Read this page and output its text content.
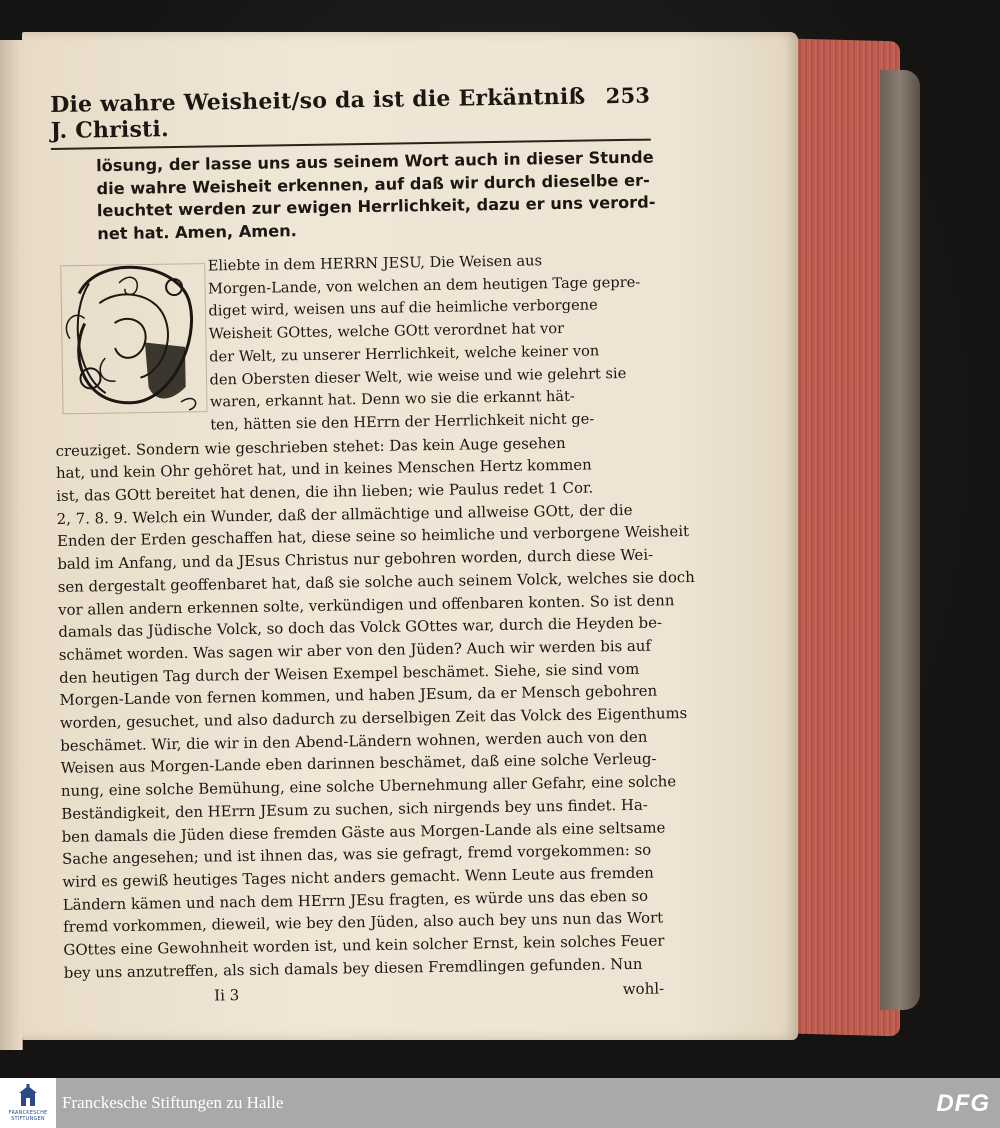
Die wahre Weisheit/so da ist die Erkäntniß J. Christi.
253
lösung, der lasse uns aus seinem Wort auch in dieser Stunde
die wahre Weisheit erkennen, auf daß wir durch dieselbe er-
leuchtet werden zur ewigen Herrlichkeit, dazu er uns verord-
net hat. Amen, Amen.
Eliebte in dem HERRN JESU, Die Weisen aus
Morgen-Lande, von welchen an dem heutigen Tage gepre-
diget wird, weisen uns auf die heimliche verborgene
Weisheit GOttes, welche GOtt verordnet hat vor
der Welt, zu unserer Herrlichkeit, welche keiner von
den Obersten dieser Welt, wie weise und wie gelehrt sie
waren, erkannt hat. Denn wo sie die erkannt hät-
ten, hätten sie den HErrn der Herrlichkeit nicht ge-
creuziget. Sondern wie geschrieben stehet: Das kein Auge gesehen
hat, und kein Ohr gehöret hat, und in keines Menschen Hertz kommen
ist, das GOtt bereitet hat denen, die ihn lieben; wie Paulus redet 1 Cor.
2, 7. 8. 9. Welch ein Wunder, daß der allmächtige und allweise GOtt, der die
Enden der Erden geschaffen hat, diese seine so heimliche und verborgene Weisheit
bald im Anfang, und da JEsus Christus nur gebohren worden, durch diese Wei-
sen dergestalt geoffenbaret hat, daß sie solche auch seinem Volck, welches sie doch
vor allen andern erkennen solte, verkündigen und offenbaren konten. So ist denn
damals das Jüdische Volck, so doch das Volck GOttes war, durch die Heyden be-
schämet worden. Was sagen wir aber von den Jüden? Auch wir werden bis auf
den heutigen Tag durch der Weisen Exempel beschämet. Siehe, sie sind vom
Morgen-Lande von fernen kommen, und haben JEsum, da er Mensch gebohren
worden, gesuchet, und also dadurch zu derselbigen Zeit das Volck des Eigenthums
beschämet. Wir, die wir in den Abend-Ländern wohnen, werden auch von den
Weisen aus Morgen-Lande eben darinnen beschämet, daß eine solche Verleug-
nung, eine solche Bemühung, eine solche Ubernehmung aller Gefahr, eine solche
Beständigkeit, den HErrn JEsum zu suchen, sich nirgends bey uns findet. Ha-
ben damals die Jüden diese fremden Gäste aus Morgen-Lande als eine seltsame
Sache angesehen; und ist ihnen das, was sie gefragt, fremd vorgekommen: so
wird es gewiß heutiges Tages nicht anders gemacht. Wenn Leute aus fremden
Ländern kämen und nach dem HErrn JEsu fragten, es würde uns das eben so
fremd vorkommen, dieweil, wie bey den Jüden, also auch bey uns nun das Wort
GOttes eine Gewohnheit worden ist, und kein solcher Ernst, kein solches Feuer
bey uns anzutreffen, als sich damals bey diesen Fremdlingen gefunden. Nun
Ii 3	wohl-
FRANCKESCHE
STIFTUNGEN
Franckesche Stiftungen zu Halle	DFG
